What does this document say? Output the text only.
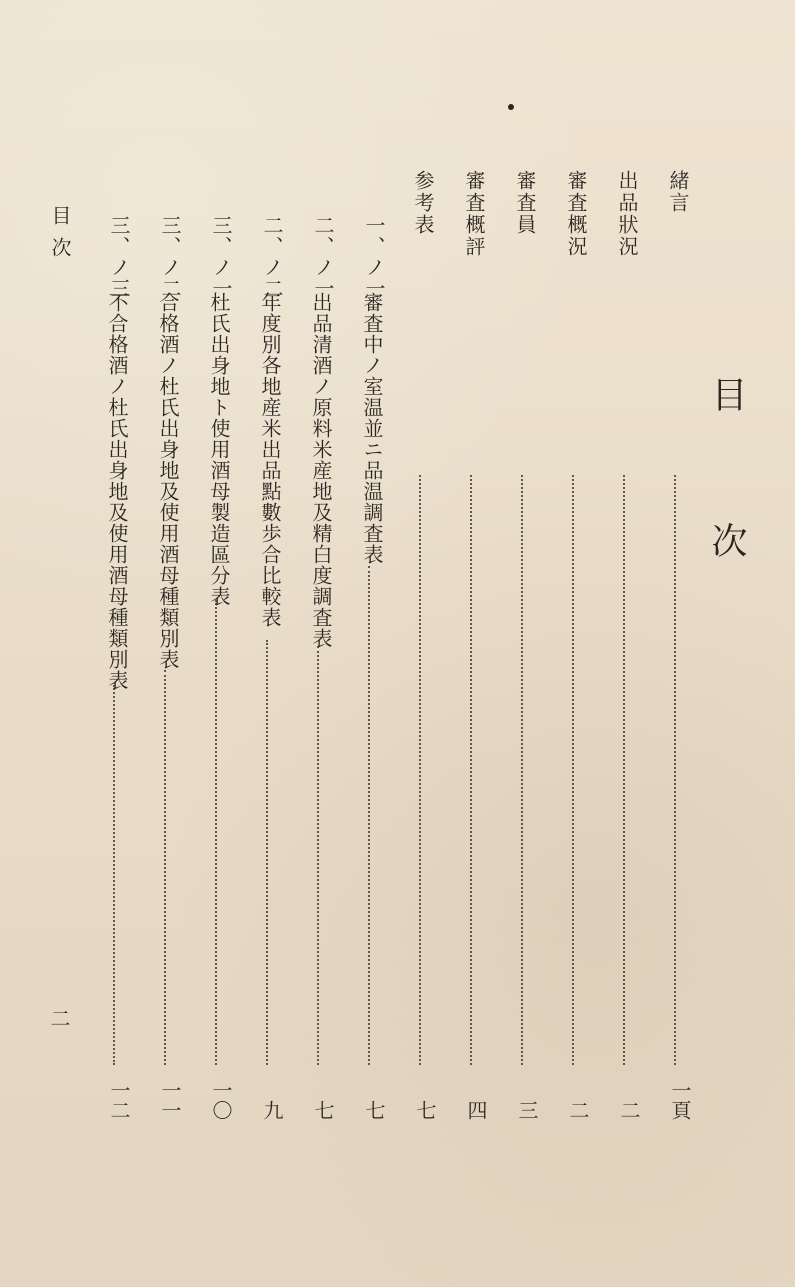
目
次
緒言
一頁
出品狀況
二
審査概況
二
審査員
三
審査概評
四
参考表
七
一、ノ一
審査中ノ室温並ニ品温調査表
七
二、ノ一
出品清酒ノ原料米産地及精白度調査表
七
二、ノ二
年度別各地産米出品點數歩合比較表
九
三、ノ一
杜氏出身地ト使用酒母製造區分表
一〇
三、ノ二
合格酒ノ杜氏出身地及使用酒母種類別表
一一
三、ノ三
不合格酒ノ杜氏出身地及使用酒母種類別表
一二
目次
二
